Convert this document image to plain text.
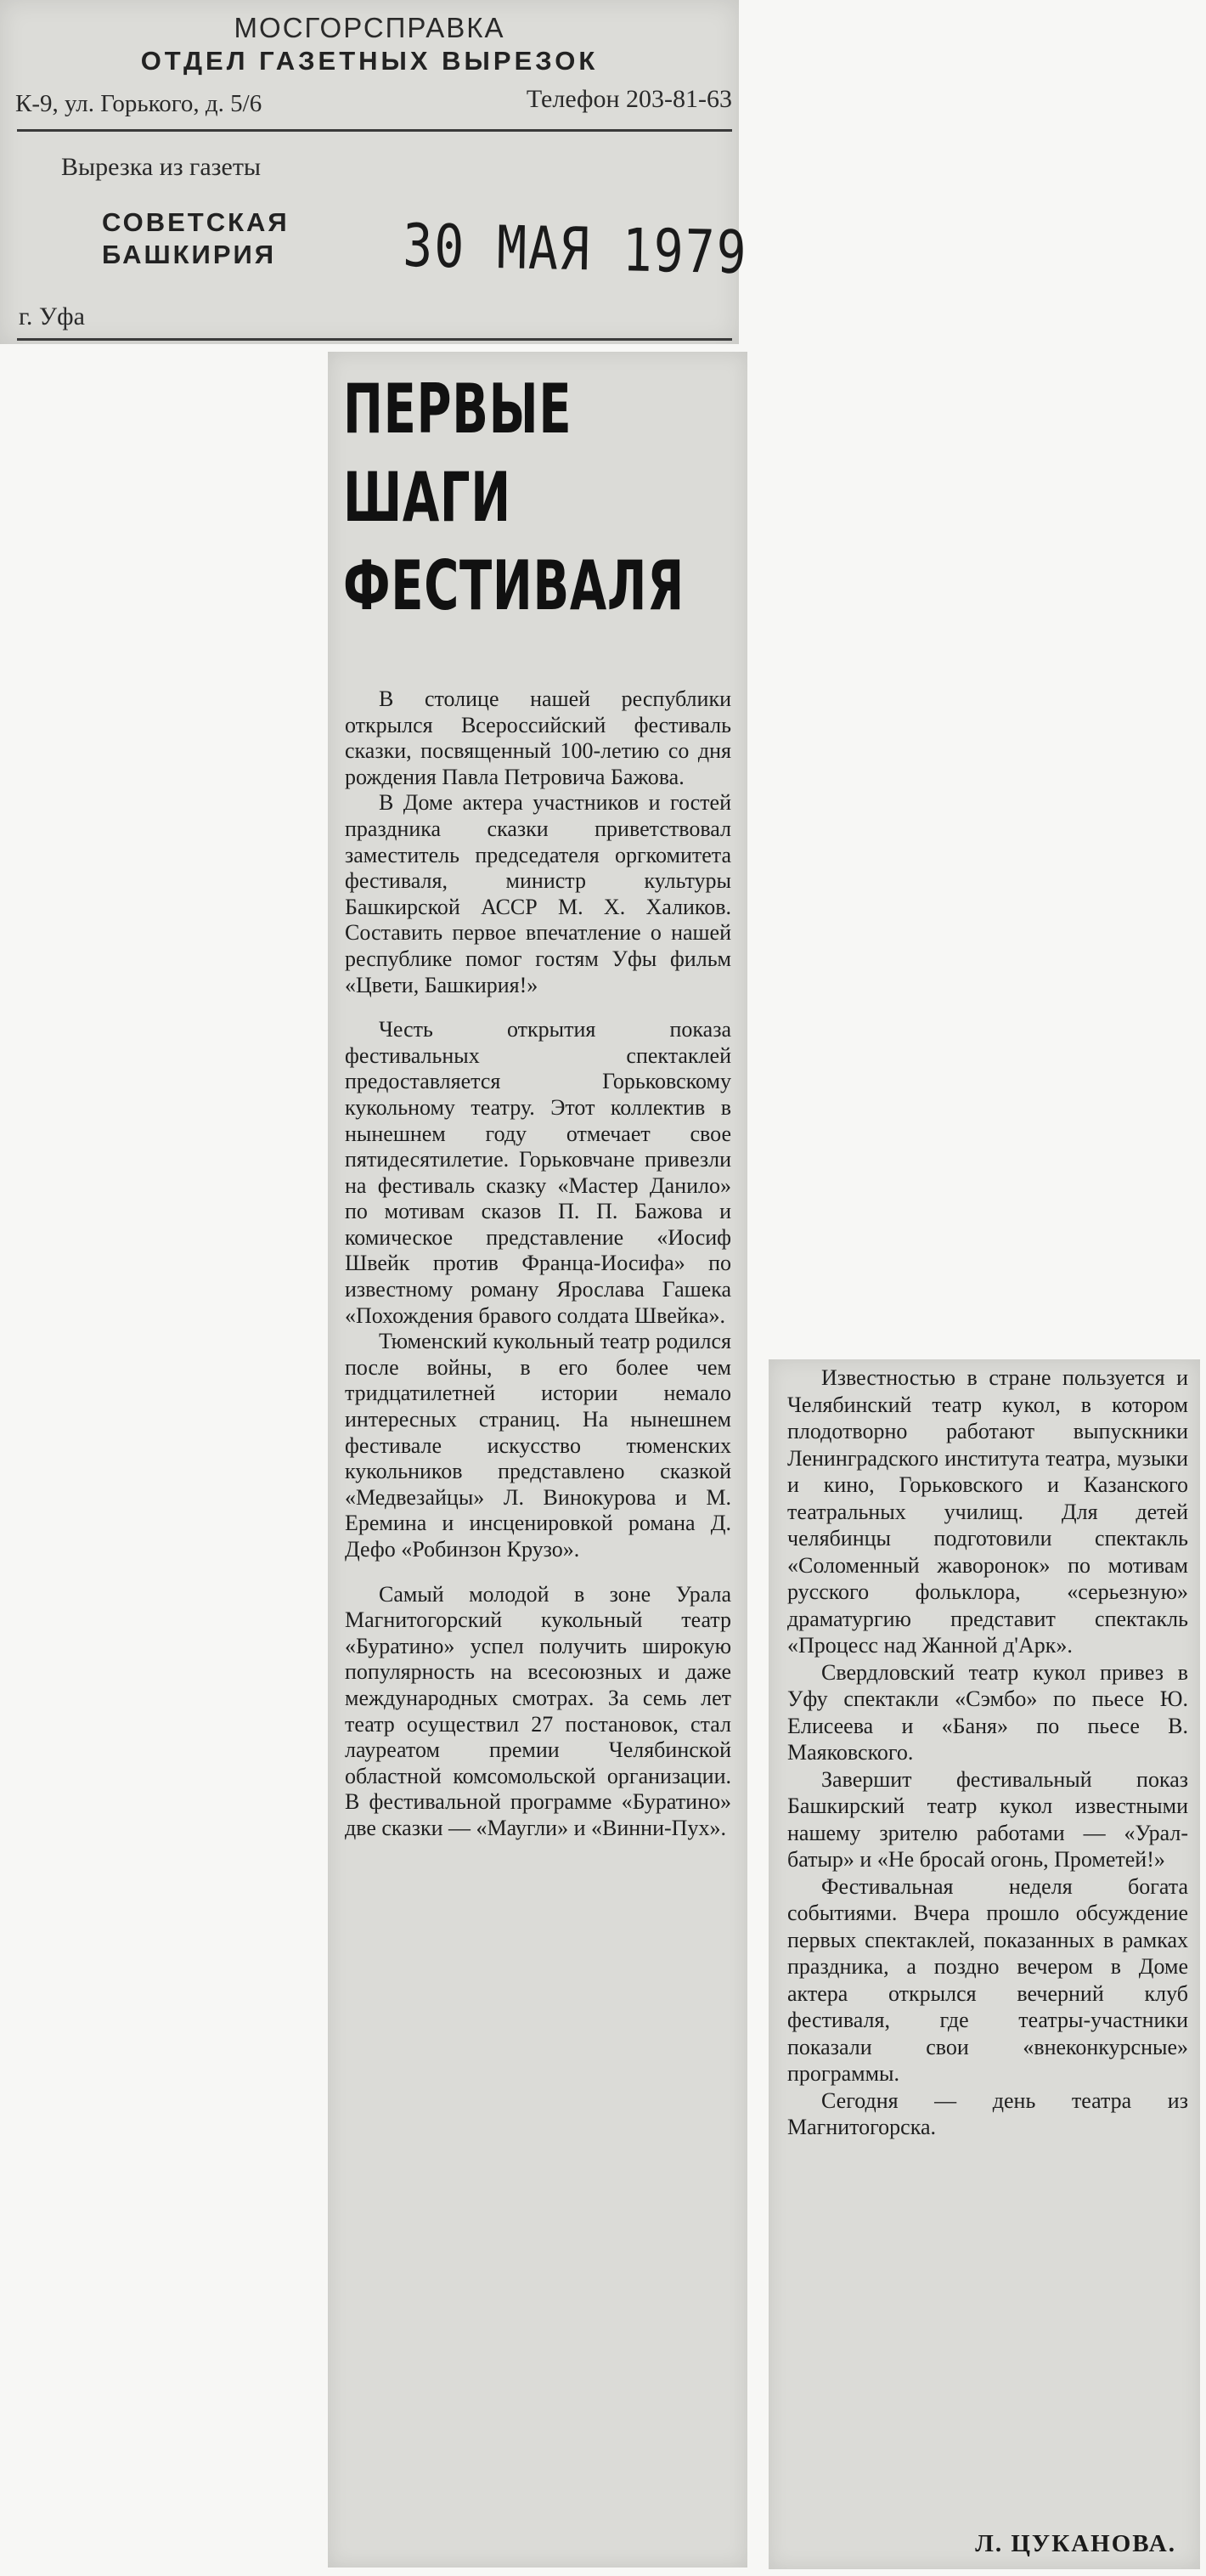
МОСГОРСПРАВКА
ОТДЕЛ ГАЗЕТНЫХ ВЫРЕЗОК
К-9, ул. Горького, д. 5/6	Телефон 203-81-63
Вырезка из газеты
СОВЕТСКАЯ
БАШКИРИЯ	30 МАЯ 1979
г. Уфа
ПЕРВЫЕ
ШАГИ
ФЕСТИВАЛЯ

В столице нашей республики открылся Всероссийский фестиваль сказки, посвященный 100-летию со дня рождения Павла Петровича Бажова.

В Доме актера участников и гостей праздника сказки приветствовал заместитель председателя оргкомитета фестиваля, министр культуры Башкирской АССР М. Х. Халиков. Составить первое впечатление о нашей республике помог гостям Уфы фильм «Цвети, Башкирия!»

Честь открытия показа фестивальных спектаклей предоставляется Горьковскому кукольному театру. Этот коллектив в нынешнем году отмечает свое пятидесятилетие. Горьковчане привезли на фестиваль сказку «Мастер Данило» по мотивам сказов П. П. Бажова и комическое представление «Иосиф Швейк против Франца-Иосифа» по известному роману Ярослава Гашека «Похождения бравого солдата Швейка».

Тюменский кукольный театр родился после войны, в его более чем тридцатилетней истории немало интересных страниц. На нынешнем фестивале искусство тюменских кукольников представлено сказкой «Медвезайцы» Л. Винокурова и М. Еремина и инсценировкой романа Д. Дефо «Робинзон Крузо».

Самый молодой в зоне Урала Магнитогорский кукольный театр «Буратино» успел получить широкую популярность на всесоюзных и даже международных смотрах. За семь лет театр осуществил 27 постановок, стал лауреатом премии Челябинской областной комсомольской организации. В фестивальной программе «Буратино» две сказки — «Маугли» и «Винни-Пух».

Известностью в стране пользуется и Челябинский театр кукол, в котором плодотворно работают выпускники Ленинградского института театра, музыки и кино, Горьковского и Казанского театральных училищ. Для детей челябинцы подготовили спектакль «Соломенный жаворонок» по мотивам русского фольклора, «серьезную» драматургию представит спектакль «Процесс над Жанной д'Арк».

Свердловский театр кукол привез в Уфу спектакли «Сэмбо» по пьесе Ю. Елисеева и «Баня» по пьесе В. Маяковского.

Завершит фестивальный показ Башкирский театр кукол известными нашему зрителю работами — «Урал-батыр» и «Не бросай огонь, Прометей!»

Фестивальная неделя богата событиями. Вчера прошло обсуждение первых спектаклей, показанных в рамках праздника, а поздно вечером в Доме актера открылся вечерний клуб фестиваля, где театры-участники показали свои «внеконкурсные» программы.

Сегодня — день театра из Магнитогорска.

Л. ЦУКАНОВА.
